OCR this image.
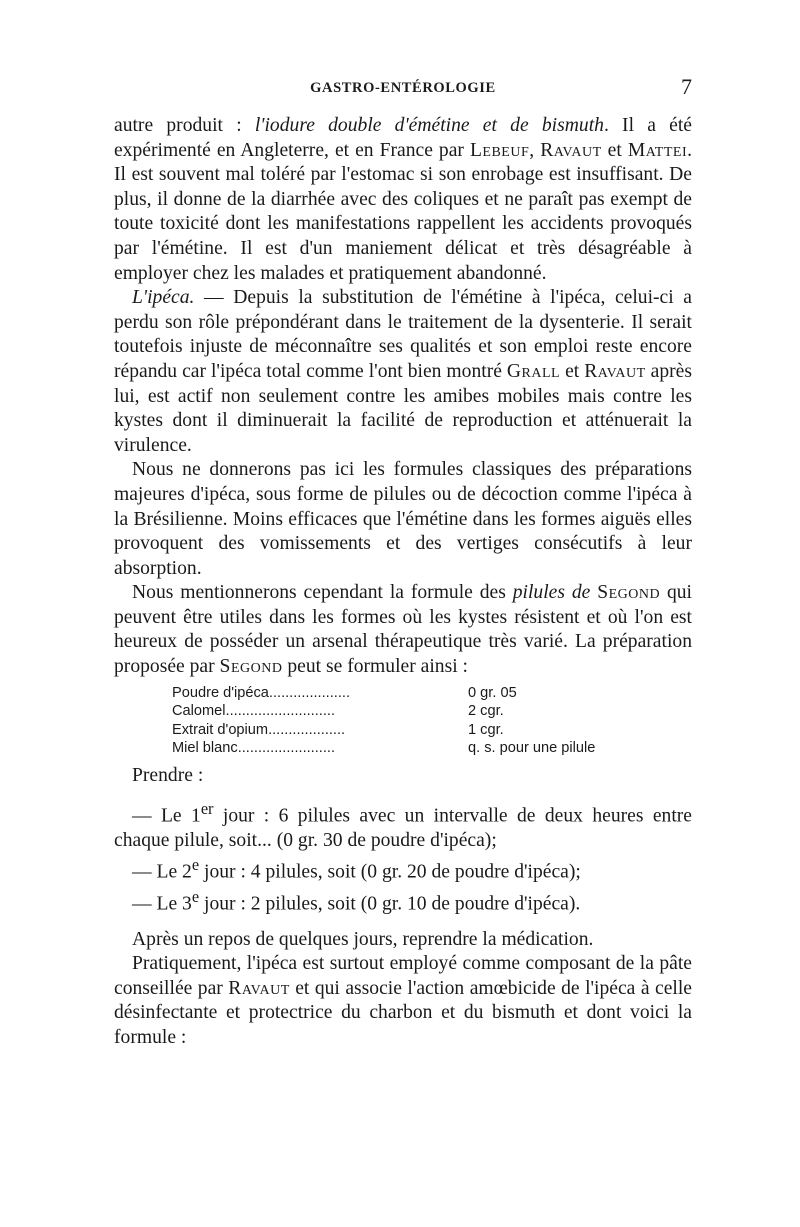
GASTRO-ENTÉROLOGIE	7

autre produit : l'iodure double d'émétine et de bismuth. Il a été expérimenté en Angleterre, et en France par Lebeuf, Ravaut et Mattei. Il est souvent mal toléré par l'estomac si son enrobage est insuffisant. De plus, il donne de la diarrhée avec des coliques et ne paraît pas exempt de toute toxicité dont les manifestations rappellent les accidents provoqués par l'émétine. Il est d'un maniement délicat et très désagréable à employer chez les malades et pratiquement abandonné.

L'ipéca. — Depuis la substitution de l'émétine à l'ipéca, celui-ci a perdu son rôle prépondérant dans le traitement de la dysenterie. Il serait toutefois injuste de méconnaître ses qualités et son emploi reste encore répandu car l'ipéca total comme l'ont bien montré Grall et Ravaut après lui, est actif non seulement contre les amibes mobiles mais contre les kystes dont il diminuerait la facilité de reproduction et atténuerait la virulence.

Nous ne donnerons pas ici les formules classiques des préparations majeures d'ipéca, sous forme de pilules ou de décoction comme l'ipéca à la Brésilienne. Moins efficaces que l'émétine dans les formes aiguës elles provoquent des vomissements et des vertiges consécutifs à leur absorption.

Nous mentionnerons cependant la formule des pilules de Segond qui peuvent être utiles dans les formes où les kystes résistent et où l'on est heureux de posséder un arsenal thérapeutique très varié. La préparation proposée par Segond peut se formuler ainsi :

Poudre d'ipéca....................	0 gr. 05
Calomel...........................	2 cgr.
Extrait d'opium...................	1 cgr.
Miel blanc........................	q. s. pour une pilule
Prendre :

— Le 1er jour : 6 pilules avec un intervalle de deux heures entre chaque pilule, soit... (0 gr. 30 de poudre d'ipéca);

— Le 2e jour : 4 pilules, soit (0 gr. 20 de poudre d'ipéca);

— Le 3e jour : 2 pilules, soit (0 gr. 10 de poudre d'ipéca).

Après un repos de quelques jours, reprendre la médication.

Pratiquement, l'ipéca est surtout employé comme composant de la pâte conseillée par Ravaut et qui associe l'action amœbicide de l'ipéca à celle désinfectante et protectrice du charbon et du bismuth et dont voici la formule :
